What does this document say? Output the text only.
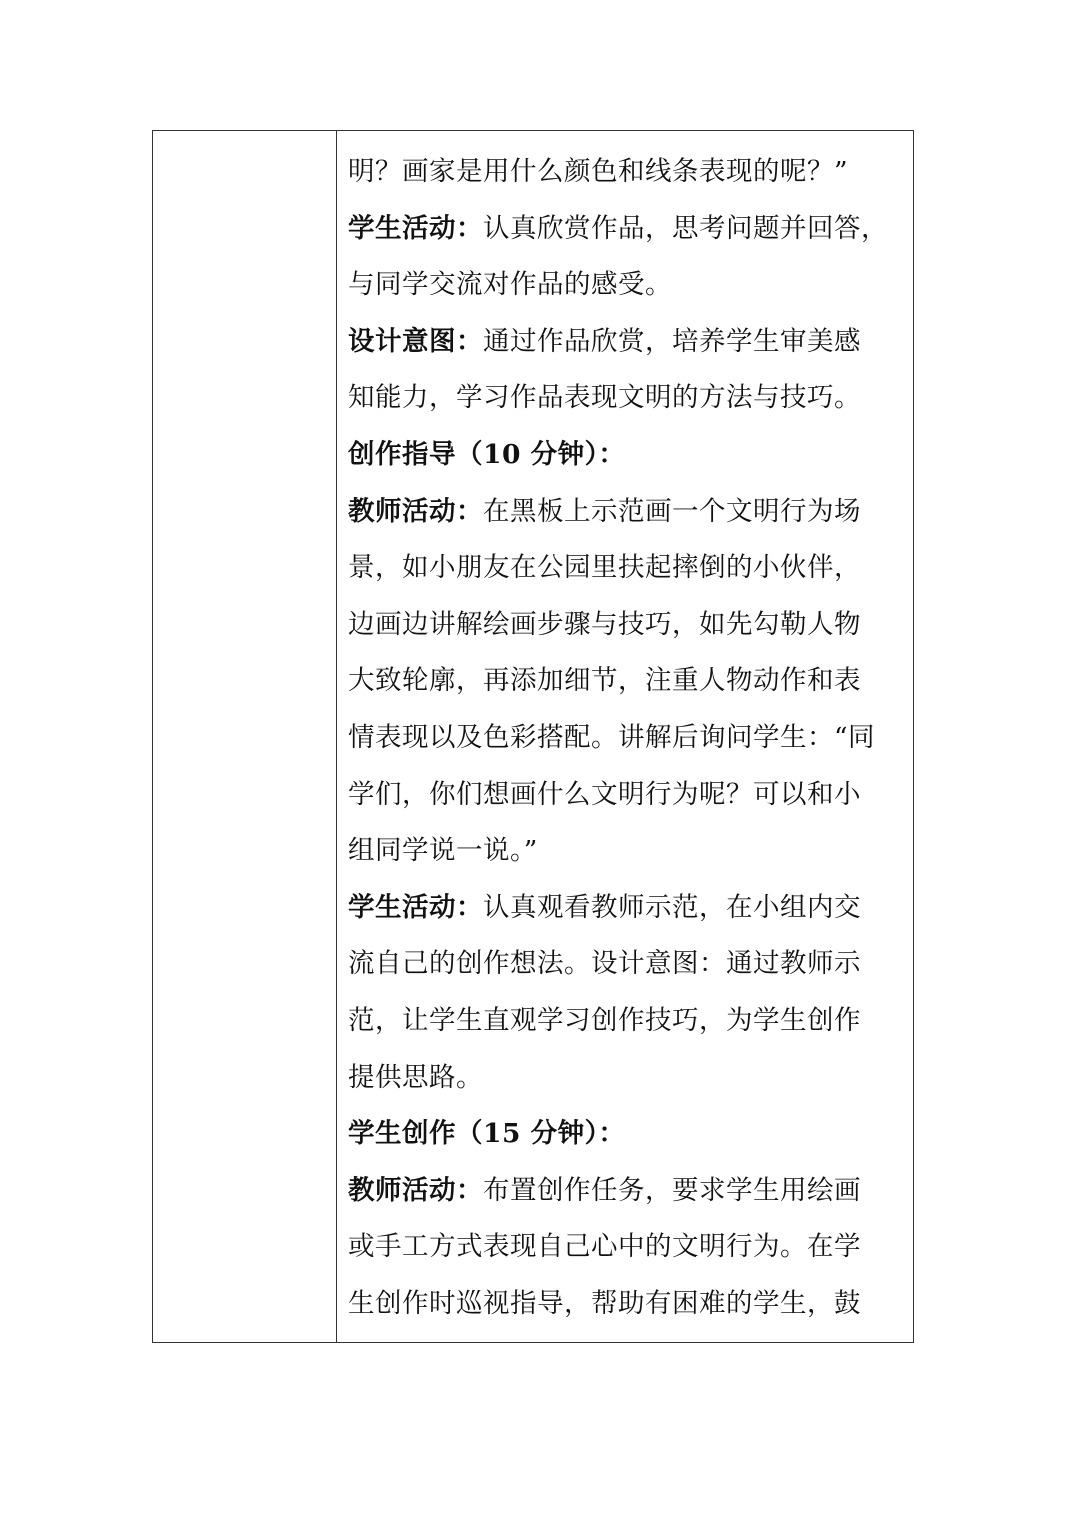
明？画家是用什么颜色和线条表现的呢？”
学生活动：认真欣赏作品，思考问题并回答，
与同学交流对作品的感受。
设计意图：通过作品欣赏，培养学生审美感
知能力，学习作品表现文明的方法与技巧。
创作指导（10 分钟）：
教师活动：在黑板上示范画一个文明行为场
景，如小朋友在公园里扶起摔倒的小伙伴，
边画边讲解绘画步骤与技巧，如先勾勒人物
大致轮廓，再添加细节，注重人物动作和表
情表现以及色彩搭配。讲解后询问学生：“同
学们，你们想画什么文明行为呢？可以和小
组同学说一说。”
学生活动：认真观看教师示范，在小组内交
流自己的创作想法。设计意图：通过教师示
范，让学生直观学习创作技巧，为学生创作
提供思路。
学生创作（15 分钟）：
教师活动：布置创作任务，要求学生用绘画
或手工方式表现自己心中的文明行为。在学
生创作时巡视指导，帮助有困难的学生，鼓
